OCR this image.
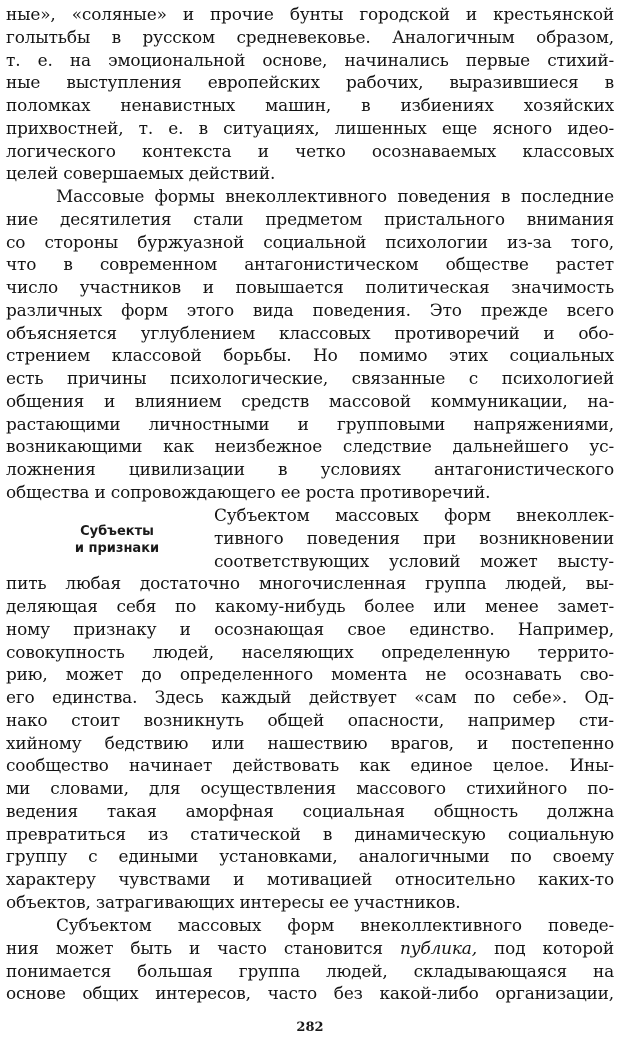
ные», «соляные» и прочие бунты городской и крестьянской
голытьбы в русском средневековье. Аналогичным образом,
т. е. на эмоциональной основе, начинались первые стихий-
ные выступления европейских рабочих, выразившиеся в
поломках ненавистных машин, в избиениях хозяйских
прихвостней, т. е. в ситуациях, лишенных еще ясного идео-
логического контекста и четко осознаваемых классовых
целей совершаемых действий.
Массовые формы внеколлективного поведения в последние
ние десятилетия стали предметом пристального внимания
со стороны буржуазной социальной психологии из-за того,
что в современном антагонистическом обществе растет
число участников и повышается политическая значимость
различных форм этого вида поведения. Это прежде всего
объясняется углублением классовых противоречий и обо-
стрением классовой борьбы. Но помимо этих социальных
есть причины психологические, связанные с психологией
общения и влиянием средств массовой коммуникации, на-
растающими личностными и групповыми напряжениями,
возникающими как неизбежное следствие дальнейшего ус-
ложнения цивилизации в условиях антагонистического
общества и сопровождающего ее роста противоречий.
Субъекты
и признаки
Субъектом массовых форм внеколлек-
тивного поведения при возникновении
соответствующих условий может высту-
пить любая достаточно многочисленная группа людей, вы-
деляющая себя по какому-нибудь более или менее замет-
ному признаку и осознающая свое единство. Например,
совокупность людей, населяющих определенную террито-
рию, может до определенного момента не осознавать сво-
его единства. Здесь каждый действует «сам по себе». Од-
нако стоит возникнуть общей опасности, например сти-
хийному бедствию или нашествию врагов, и постепенно
сообщество начинает действовать как единое целое. Ины-
ми словами, для осуществления массового стихийного по-
ведения такая аморфная социальная общность должна
превратиться из статической в динамическую социальную
группу с едиными установками, аналогичными по своему
характеру чувствами и мотивацией относительно каких-то
объектов, затрагивающих интересы ее участников.
Субъектом массовых форм внеколлективного поведе-
ния может быть и часто становится публика, под которой
понимается большая группа людей, складывающаяся на
основе общих интересов, часто без какой-либо организации,
282
